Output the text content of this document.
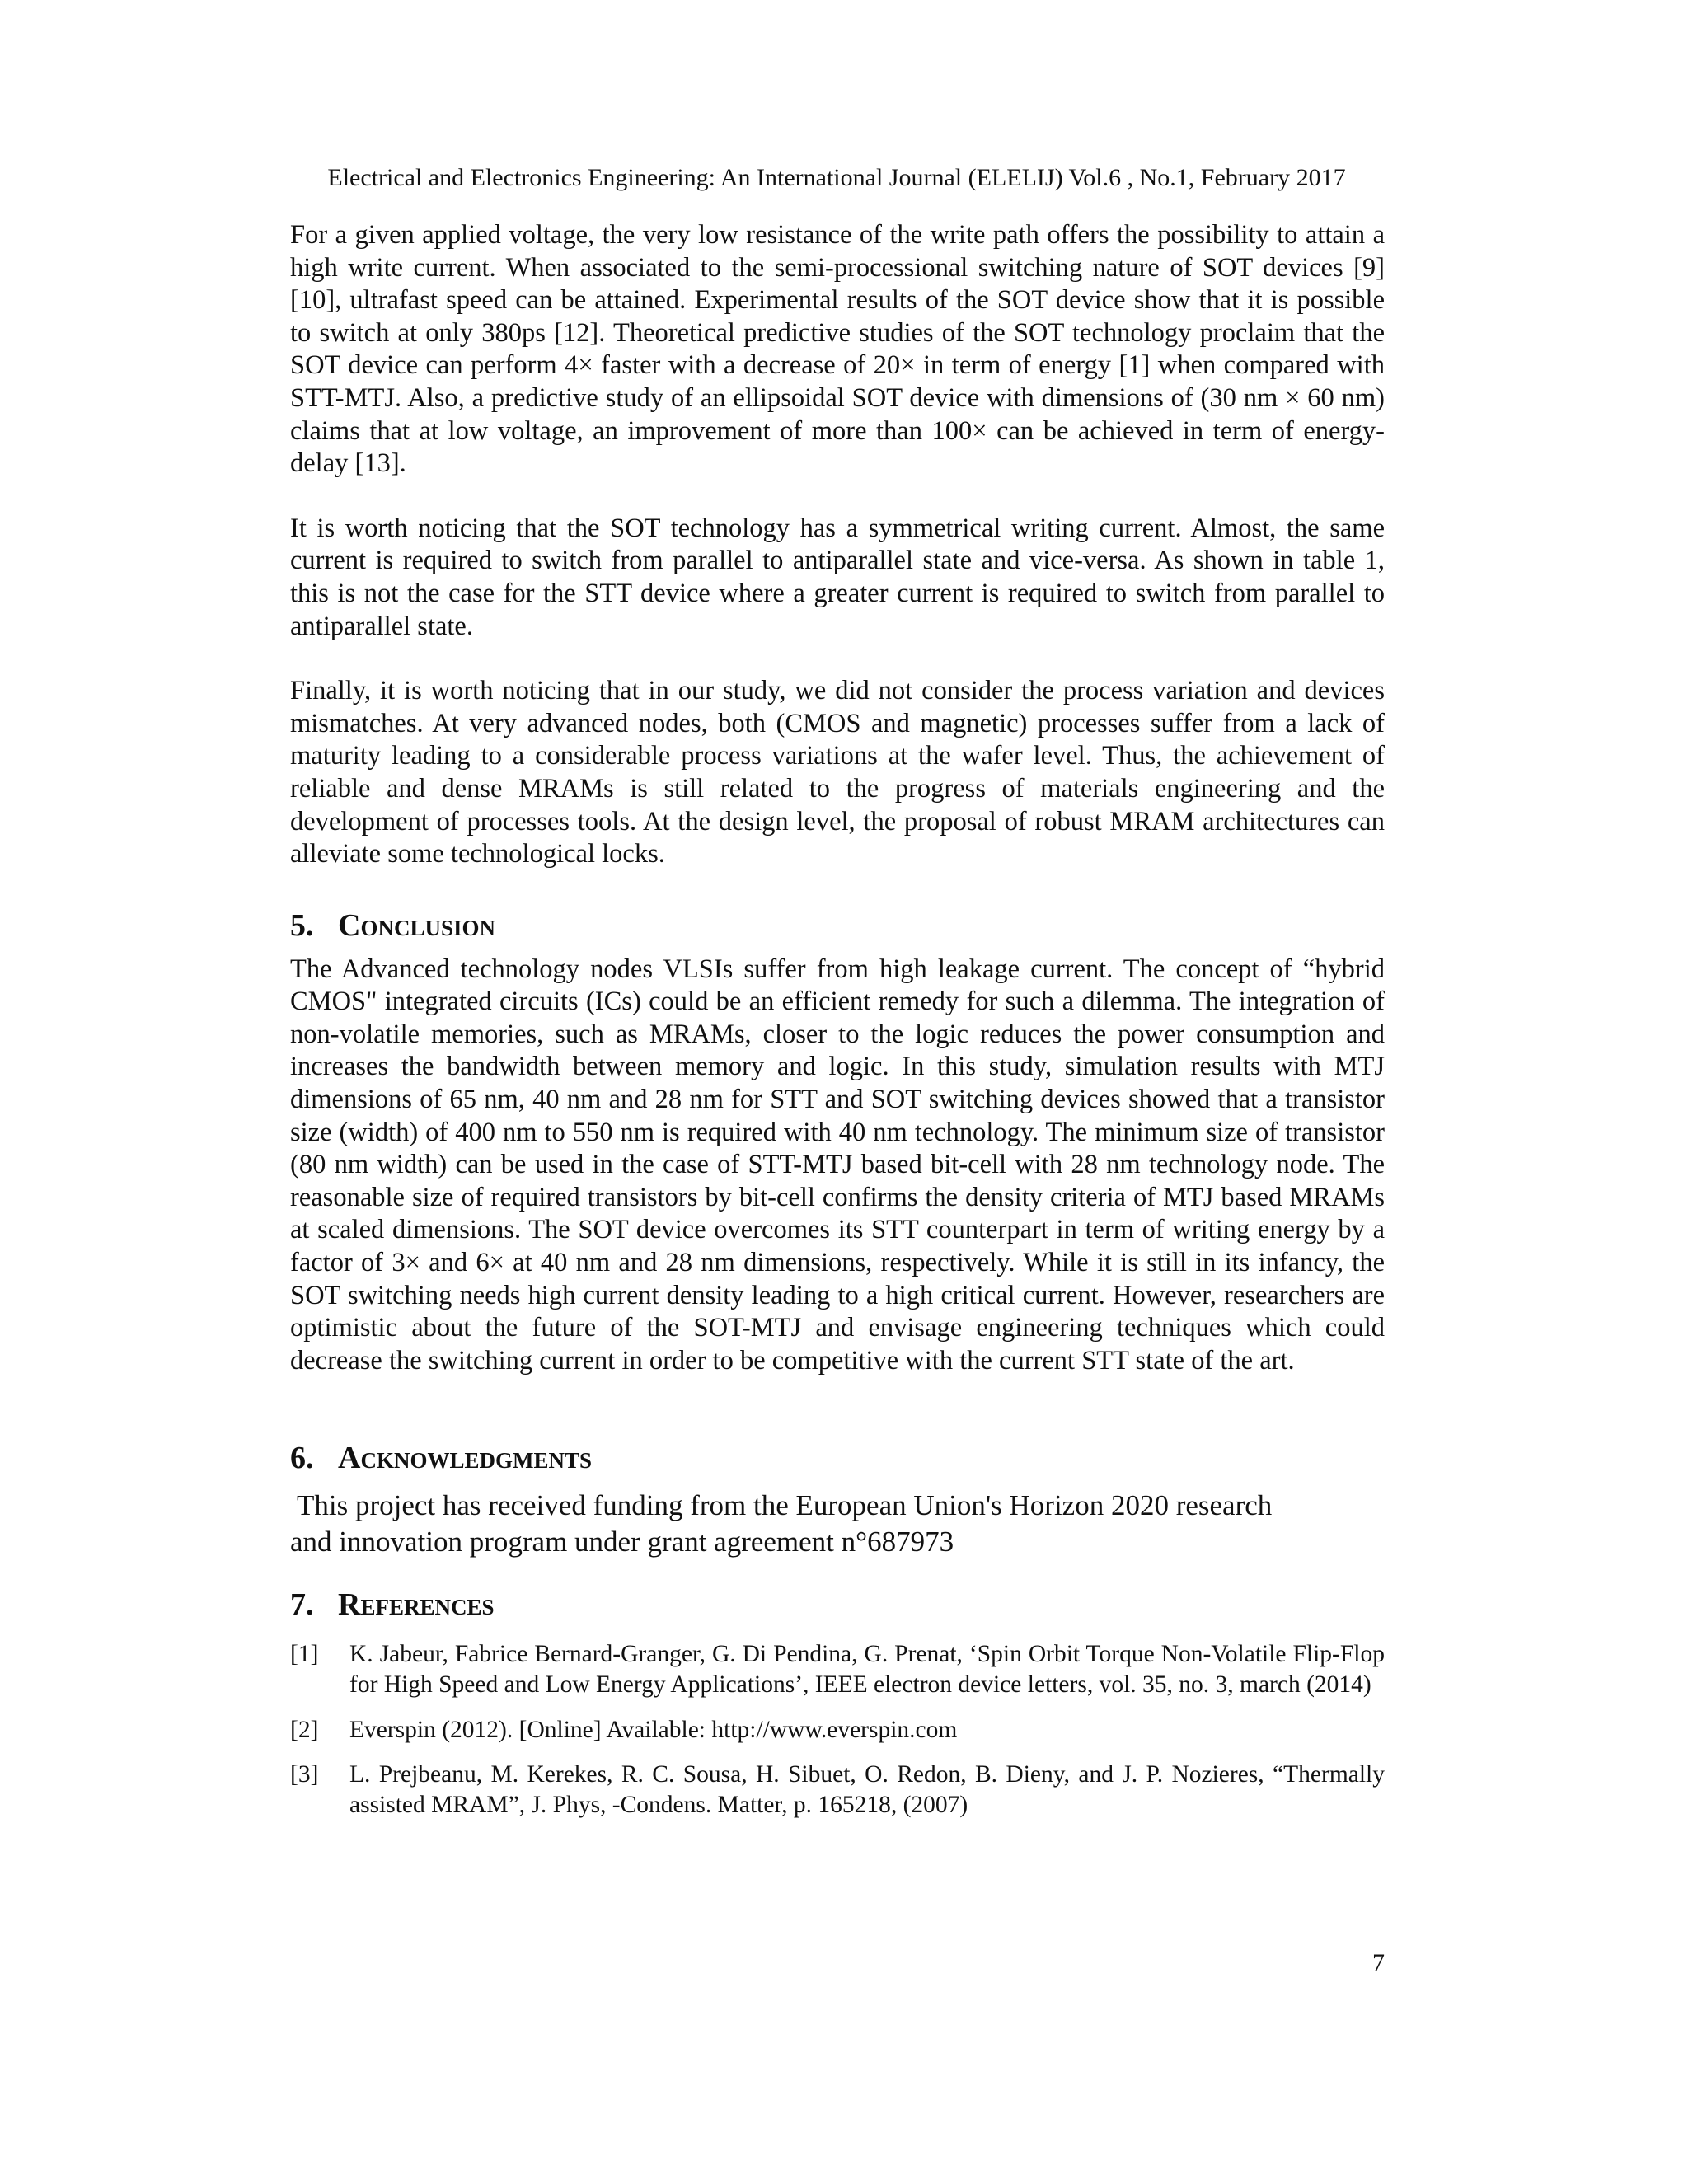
Electrical and Electronics Engineering: An International Journal (ELELIJ) Vol.6 , No.1, February 2017

For a given applied voltage, the very low resistance of the write path offers the possibility to attain a high write current. When associated to the semi-processional switching nature of SOT devices [9][10], ultrafast speed can be attained. Experimental results of the SOT device show that it is possible to switch at only 380ps [12]. Theoretical predictive studies of the SOT technology proclaim that the SOT device can perform 4× faster with a decrease of 20× in term of energy [1] when compared with STT-MTJ. Also, a predictive study of an ellipsoidal SOT device with dimensions of (30 nm × 60 nm) claims that at low voltage, an improvement of more than 100× can be achieved in term of energy-delay [13].

It is worth noticing that the SOT technology has a symmetrical writing current. Almost, the same current is required to switch from parallel to antiparallel state and vice-versa. As shown in table 1, this is not the case for the STT device where a greater current is required to switch from parallel to antiparallel state.

Finally, it is worth noticing that in our study, we did not consider the process variation and devices mismatches. At very advanced nodes, both (CMOS and magnetic) processes suffer from a lack of maturity leading to a considerable process variations at the wafer level. Thus, the achievement of reliable and dense MRAMs is still related to the progress of materials engineering and the development of processes tools. At the design level, the proposal of robust MRAM architectures can alleviate some technological locks.

5. Conclusion

The Advanced technology nodes VLSIs suffer from high leakage current. The concept of “hybrid CMOS" integrated circuits (ICs) could be an efficient remedy for such a dilemma. The integration of non-volatile memories, such as MRAMs, closer to the logic reduces the power consumption and increases the bandwidth between memory and logic. In this study, simulation results with MTJ dimensions of 65 nm, 40 nm and 28 nm for STT and SOT switching devices showed that a transistor size (width) of 400 nm to 550 nm is required with 40 nm technology. The minimum size of transistor (80 nm width) can be used in the case of STT-MTJ based bit-cell with 28 nm technology node. The reasonable size of required transistors by bit-cell confirms the density criteria of MTJ based MRAMs at scaled dimensions. The SOT device overcomes its STT counterpart in term of writing energy by a factor of 3× and 6× at 40 nm and 28 nm dimensions, respectively. While it is still in its infancy, the SOT switching needs high current density leading to a high critical current. However, researchers are optimistic about the future of the SOT-MTJ and envisage engineering techniques which could decrease the switching current in order to be competitive with the current STT state of the art.

6. Acknowledgments

This project has received funding from the European Union's Horizon 2020 research
and innovation program under grant agreement n°687973

7. References
[1]	K. Jabeur, Fabrice Bernard-Granger, G. Di Pendina, G. Prenat, ‘Spin Orbit Torque Non-Volatile Flip-Flop for High Speed and Low Energy Applications’, IEEE electron device letters, vol. 35, no. 3, march (2014)
[2]	Everspin (2012). [Online] Available: http://www.everspin.com
[3]	L. Prejbeanu, M. Kerekes, R. C. Sousa, H. Sibuet, O. Redon, B. Dieny, and J. P. Nozieres, “Thermally assisted MRAM”, J. Phys, -Condens. Matter, p. 165218, (2007)
7
